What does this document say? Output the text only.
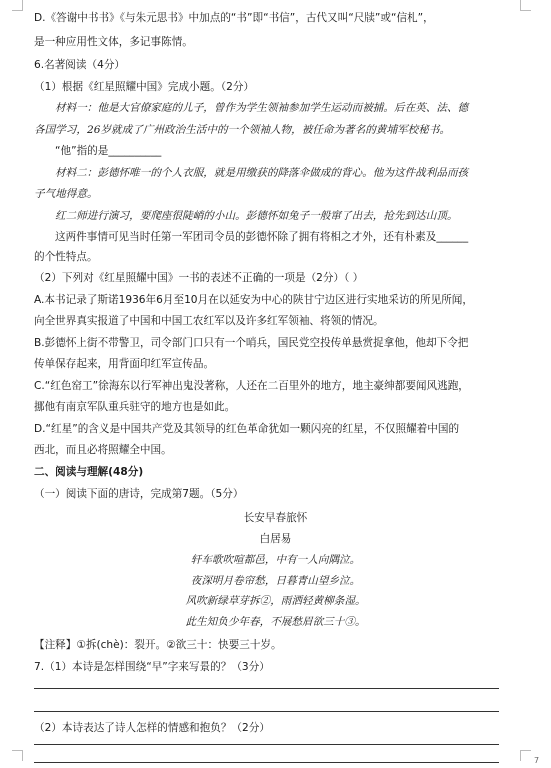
D.《答谢中书书》《与朱元思书》中加点的“书”即“书信”，古代又叫“尺牍”或“信札”，
是一种应用性文体，多记事陈情。
6.名著阅读（4分）
（1）根据《红星照耀中国》完成小题。（2分）
材料一：他是大官僚家庭的儿子，曾作为学生领袖参加学生运动而被捕。后在英、法、德
各国学习，26岁就成了广州政治生活中的一个领袖人物，被任命为著名的黄埔军校秘书。
“他”指的是__________
材料二：彭德怀唯一的个人衣服，就是用缴获的降落伞做成的背心。他为这件战利品而孩
子气地得意。
红二师进行演习，要爬座很陡峭的小山。彭德怀如兔子一般窜了出去，抢先到达山顶。
这两件事情可见当时任第一军团司令员的彭德怀除了拥有将相之才外，还有朴素及______
的个性特点。
（2）下列对《红星照耀中国》一书的表述不正确的一项是（2分）（ ）
A.本书记录了斯诺1936年6月至10月在以延安为中心的陕甘宁边区进行实地采访的所见所闻，
向全世界真实报道了中国和中国工农红军以及许多红军领袖、将领的情况。
B.彭德怀上街不带警卫，司令部门口只有一个哨兵，国民党空投传单悬赏捉拿他，他却下令把
传单保存起来，用背面印红军宣传品。
C.“红色窑工”徐海东以行军神出鬼没著称，人还在二百里外的地方，地主豪绅都要闻风逃跑，
挪他有南京军队重兵驻守的地方也是如此。
D.“红星”的含义是中国共产党及其领导的红色革命犹如一颗闪亮的红星，不仅照耀着中国的
西北，而且必将照耀全中国。
二、阅读与理解(48分)
（一）阅读下面的唐诗，完成第7题。（5分）
长安早春旅怀
白居易
轩车歌吹喧都邑，中有一人向隅泣。
夜深明月卷帘愁，日暮青山望乡泣。
风吹新绿草芽拆②，雨洒轻黄柳条湿。
此生知负少年春，不展愁眉欲三十③。
【注释】①拆(chè)：裂开。②欲三十：快要三十岁。
7.（1）本诗是怎样围绕“早”字来写景的？（3分）
（2）本诗表达了诗人怎样的情感和抱负？（2分）
7
